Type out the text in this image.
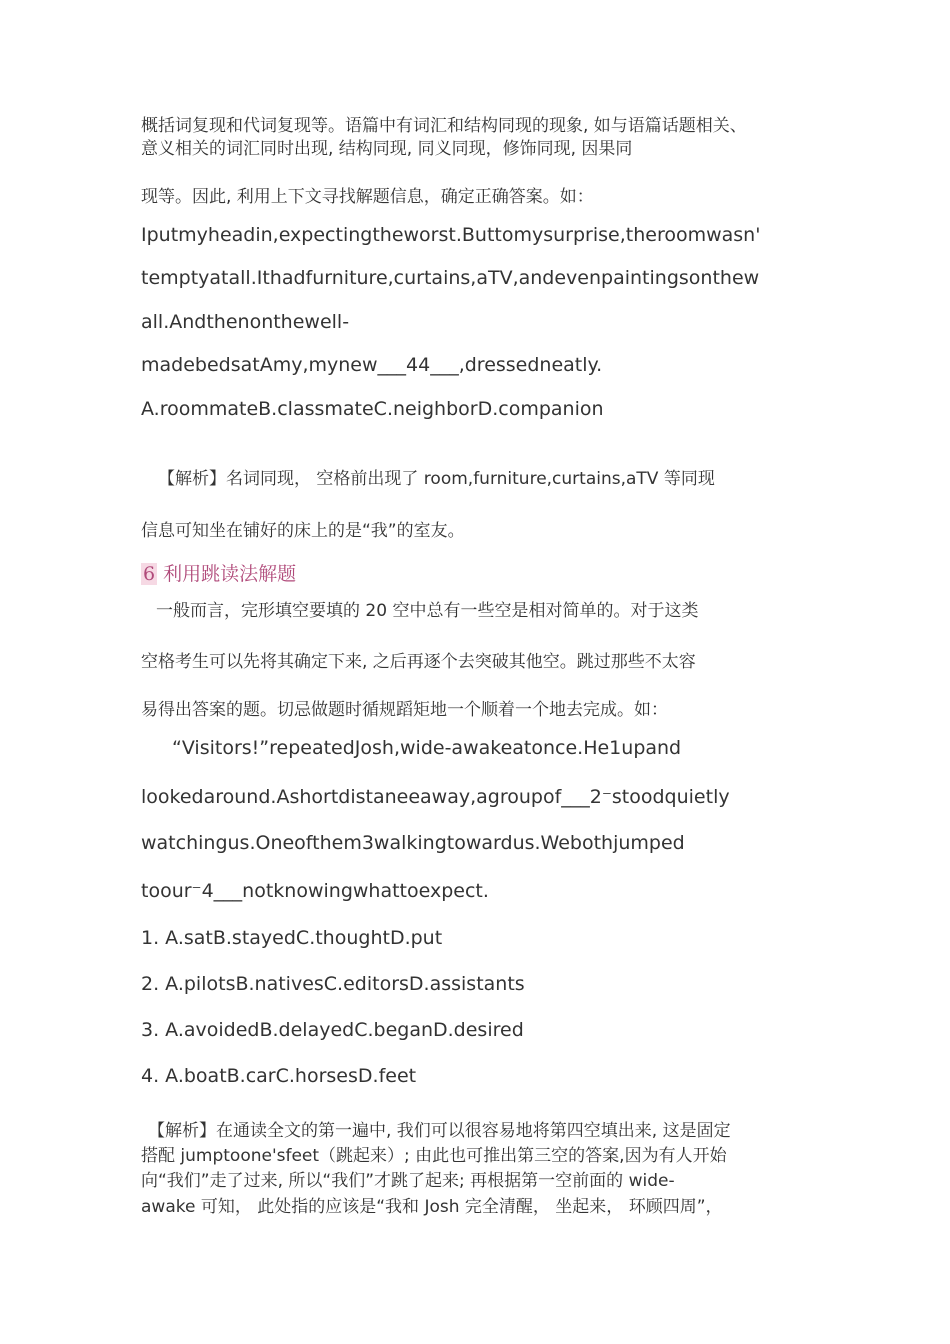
概括词复现和代词复现等。语篇中有词汇和结构同现的现象, 如与语篇话题相关、

意义相关的词汇同时出现, 结构同现, 同义同现，修饰同现, 因果同

现等。因此, 利用上下文寻找解题信息，确定正确答案。如：

Iputmyheadin,expectingtheworst.Buttomysurprise,theroomwasn'

temptyatall.Ithadfurniture,curtains,aTV,andevenpaintingsonthew

all.Andthenonthewell-

madebedsatAmy,mynew___44___,dressedneatly.

A.roommateB.classmateC.neighborD.companion

【解析】名词同现， 空格前出现了 room,furniture,curtains,aTV 等同现

信息可知坐在铺好的床上的是“我”的室友。

6 利用跳读法解题

一般而言，完形填空要填的 20 空中总有一些空是相对简单的。对于这类

空格考生可以先将其确定下来, 之后再逐个去突破其他空。跳过那些不太容

易得出答案的题。切忌做题时循规蹈矩地一个顺着一个地去完成。如：

“Visitors!”repeatedJosh,wide-awakeatonce.He1upand

lookedaround.Ashortdistaneeaway,agroupof___2⁻stoodquietly

watchingus.Oneofthem3walkingtowardus.Webothjumped

toour⁻4___notknowingwhattoexpect.

1. A.satB.stayedC.thoughtD.put

2. A.pilotsB.nativesC.editorsD.assistants

3. A.avoidedB.delayedC.beganD.desired

4. A.boatB.carC.horsesD.feet

【解析】在通读全文的第一遍中, 我们可以很容易地将第四空填出来, 这是固定

搭配 jumptoone'sfeet（跳起来）; 由此也可推出第三空的答案,因为有人开始

向“我们”走了过来, 所以“我们”才跳了起来; 再根据第一空前面的 wide-

awake 可知， 此处指的应该是“我和 Josh 完全清醒， 坐起来， 环顾四周”，
